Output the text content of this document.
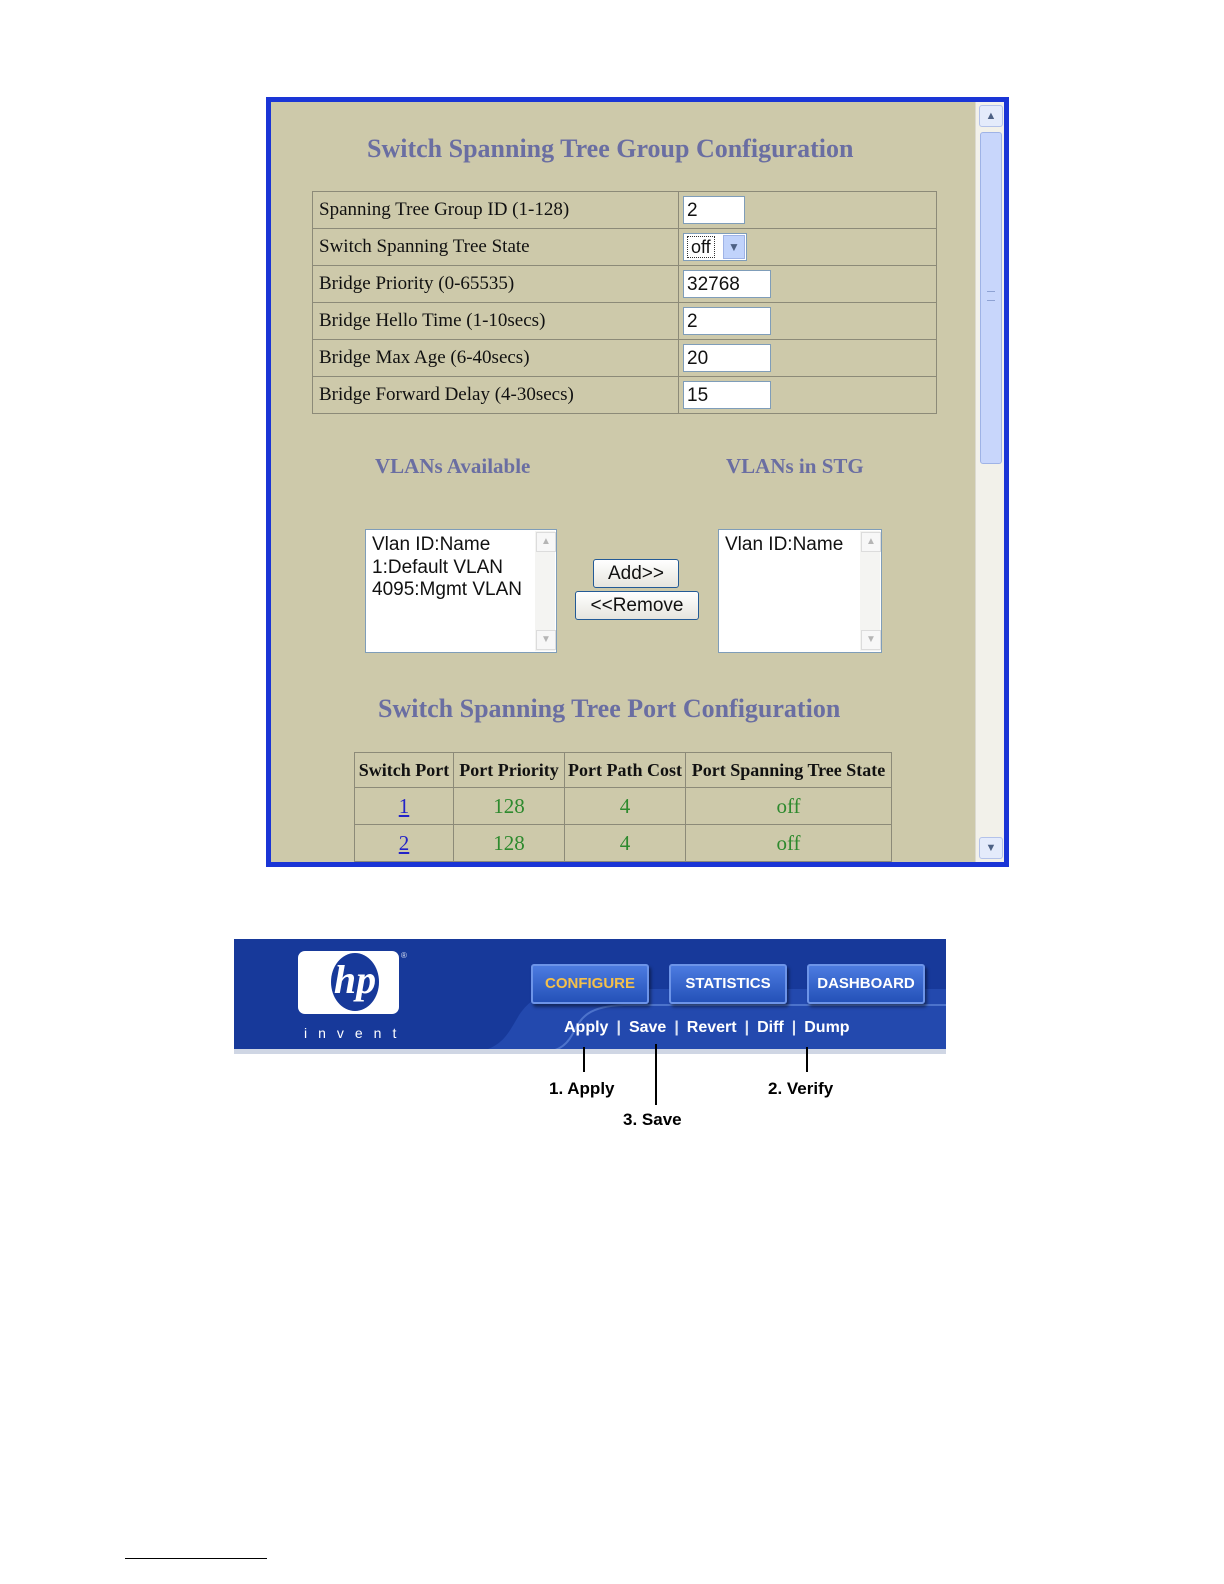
Switch Spanning Tree Group Configuration
Spanning Tree Group ID (1-128)	2
Switch Spanning Tree State	off ▼

Bridge Priority (0-65535)	32768
Bridge Hello Time (1-10secs)	2
Bridge Max Age (6-40secs)	20
Bridge Forward Delay (4-30secs)	15
VLANs Available	VLANs in STG
Vlan ID:Name
1:Default VLAN
4095:Mgmt VLAN
▲
▼
Add>>
<<Remove
Vlan ID:Name	▲
▼
Switch Spanning Tree Port Configuration
Switch Port	Port Priority	Port Path Cost	Port Spanning Tree State
1	128	4	off
2	128	4	off

▲
▼
hp
®
invent
CONFIGURE	STATISTICS	DASHBOARD
Apply | Save | Revert | Diff | Dump
1. Apply	2. Verify
3. Save
